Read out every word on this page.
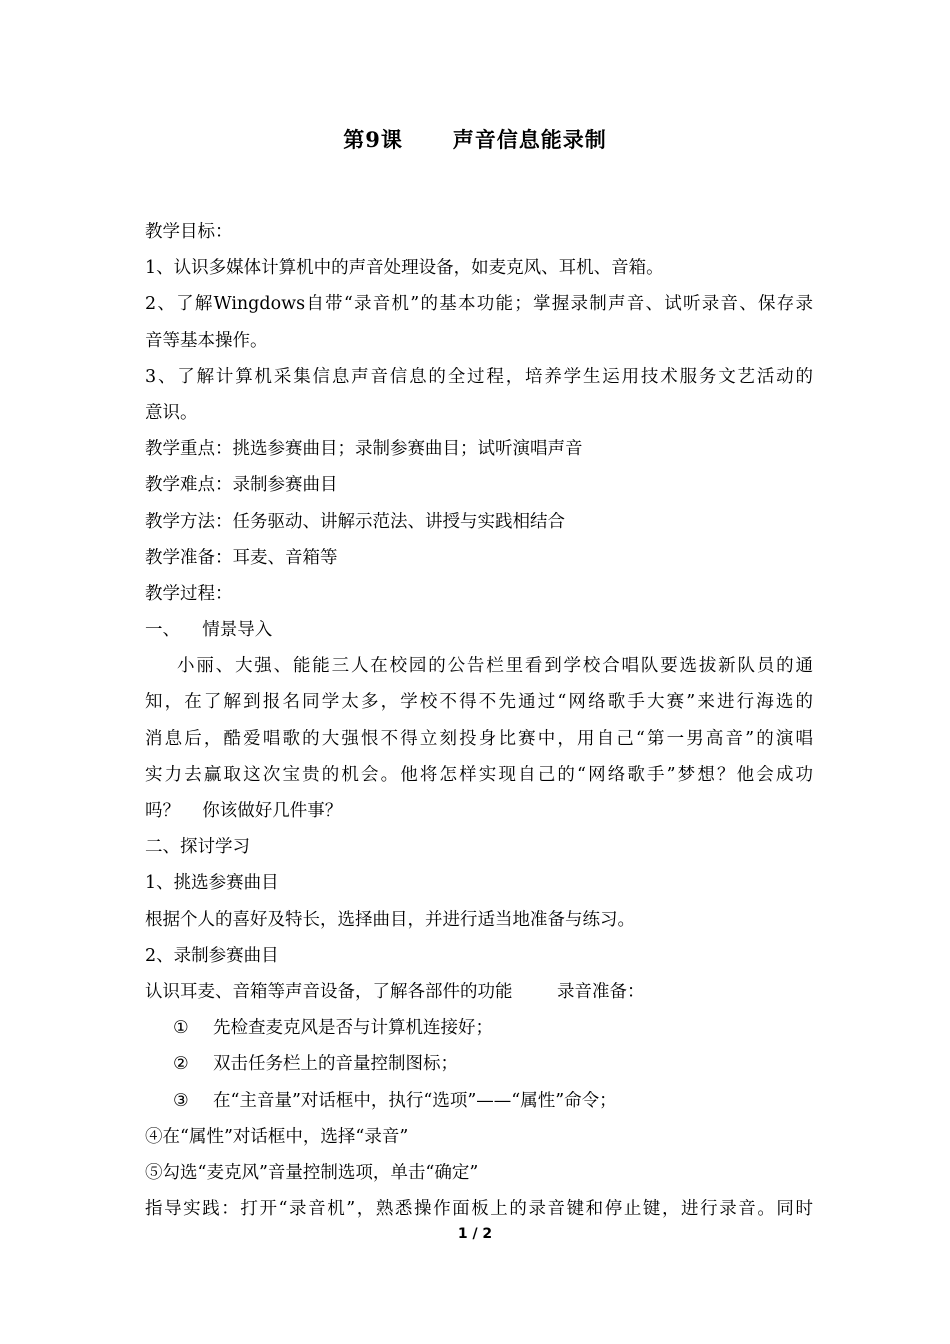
第9课      声音信息能录制
教学目标：
1、认识多媒体计算机中的声音处理设备，如麦克风、耳机、音箱。
2、了解Wingdows自带“录音机”的基本功能；掌握录制声音、试听录音、保存录
音等基本操作。
3、了解计算机采集信息声音信息的全过程，培养学生运用技术服务文艺活动的
意识。
教学重点：挑选参赛曲目；录制参赛曲目；试听演唱声音
教学难点：录制参赛曲目
教学方法：任务驱动、讲解示范法、讲授与实践相结合
教学准备：耳麦、音箱等
教学过程：
一、    情景导入
小丽、大强、能能三人在校园的公告栏里看到学校合唱队要选拔新队员的通
知，在了解到报名同学太多，学校不得不先通过“网络歌手大赛”来进行海选的
消息后，酷爱唱歌的大强恨不得立刻投身比赛中，用自己“第一男高音”的演唱
实力去赢取这次宝贵的机会。他将怎样实现自己的“网络歌手”梦想？他会成功
吗？    你该做好几件事？
二、探讨学习
1、挑选参赛曲目
根据个人的喜好及特长，选择曲目，并进行适当地准备与练习。
2、录制参赛曲目
认识耳麦、音箱等声音设备，了解各部件的功能        录音准备：
① 先检查麦克风是否与计算机连接好；
② 双击任务栏上的音量控制图标；
③ 在“主音量”对话框中，执行“选项”——“属性”命令；
④在“属性”对话框中，选择“录音”
⑤勾选“麦克风”音量控制选项，单击“确定”
指导实践：打开“录音机”，熟悉操作面板上的录音键和停止键，进行录音。同时
1 / 2
